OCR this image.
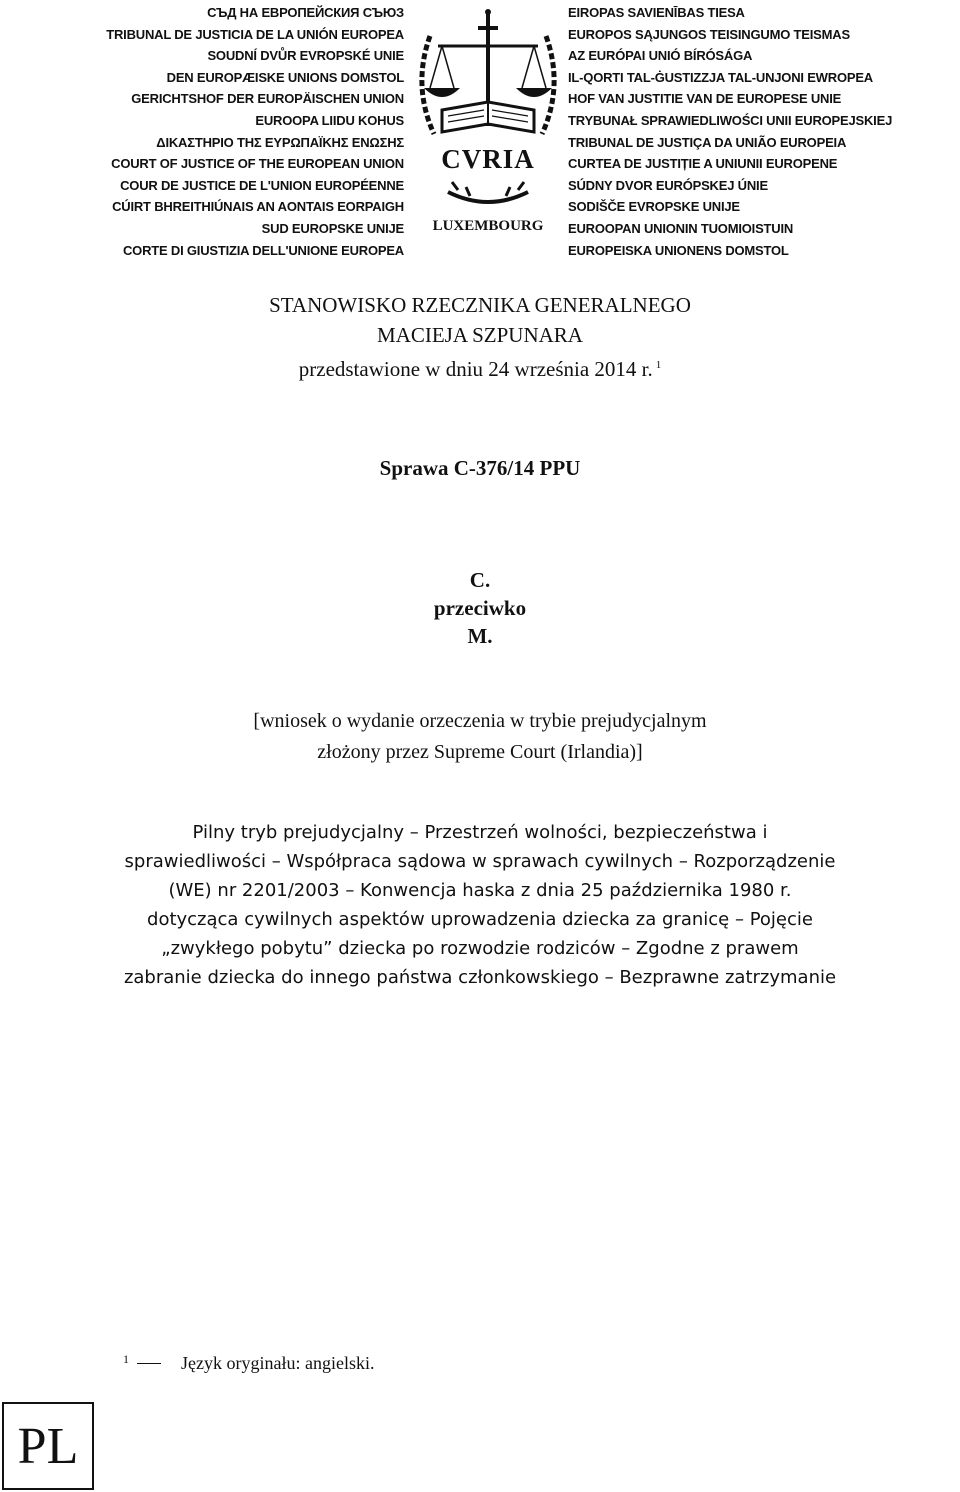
СЪД НА ЕВРОПЕЙСКИЯ СЪЮЗ
TRIBUNAL DE JUSTICIA DE LA UNIÓN EUROPEA
SOUDNÍ DVŮR EVROPSKÉ UNIE
DEN EUROPÆISKE UNIONS DOMSTOL
GERICHTSHOF DER EUROPÄISCHEN UNION
EUROOPA LIIDU KOHUS
ΔΙΚΑΣΤΗΡΙΟ ΤΗΣ ΕΥΡΩΠΑΪΚΗΣ ΕΝΩΣΗΣ
COURT OF JUSTICE OF THE EUROPEAN UNION
COUR DE JUSTICE DE L'UNION EUROPÉENNE
CÚIRT BHREITHIÚNAIS AN AONTAIS EORPAIGH
SUD EUROPSKE UNIJE
CORTE DI GIUSTIZIA DELL'UNIONE EUROPEA
CVRIA
LUXEMBOURG
EIROPAS SAVIENĪBAS TIESA
EUROPOS SĄJUNGOS TEISINGUMO TEISMAS
AZ EURÓPAI UNIÓ BÍRÓSÁGA
IL-QORTI TAL-ĠUSTIZZJA TAL-UNJONI EWROPEA
HOF VAN JUSTITIE VAN DE EUROPESE UNIE
TRYBUNAŁ SPRAWIEDLIWOŚCI UNII EUROPEJSKIEJ
TRIBUNAL DE JUSTIÇA DA UNIÃO EUROPEIA
CURTEA DE JUSTIȚIE A UNIUNII EUROPENE
SÚDNY DVOR EURÓPSKEJ ÚNIE
SODIŠČE EVROPSKE UNIJE
EUROOPAN UNIONIN TUOMIOISTUIN
EUROPEISKA UNIONENS DOMSTOL
STANOWISKO RZECZNIKA GENERALNEGO
MACIEJA SZPUNARA
przedstawione w dniu 24 września 2014 r. $^1$
Sprawa C-376/14 PPU
C.
przeciwko
M.
[wniosek o wydanie orzeczenia w trybie prejudycjalnym
złożony przez Supreme Court (Irlandia)]
Pilny tryb prejudycjalny – Przestrzeń wolności, bezpieczeństwa i sprawiedliwości – Współpraca sądowa w sprawach cywilnych – Rozporządzenie (WE) nr 2201/2003 – Konwencja haska z dnia 25 października 1980 r. dotycząca cywilnych aspektów uprowadzenia dziecka za granicę – Pojęcie „zwykłego pobytu” dziecka po rozwodzie rodziców – Zgodne z prawem zabranie dziecka do innego państwa członkowskiego – Bezprawne zatrzymanie
$^1$	Język oryginału: angielski.
PL
